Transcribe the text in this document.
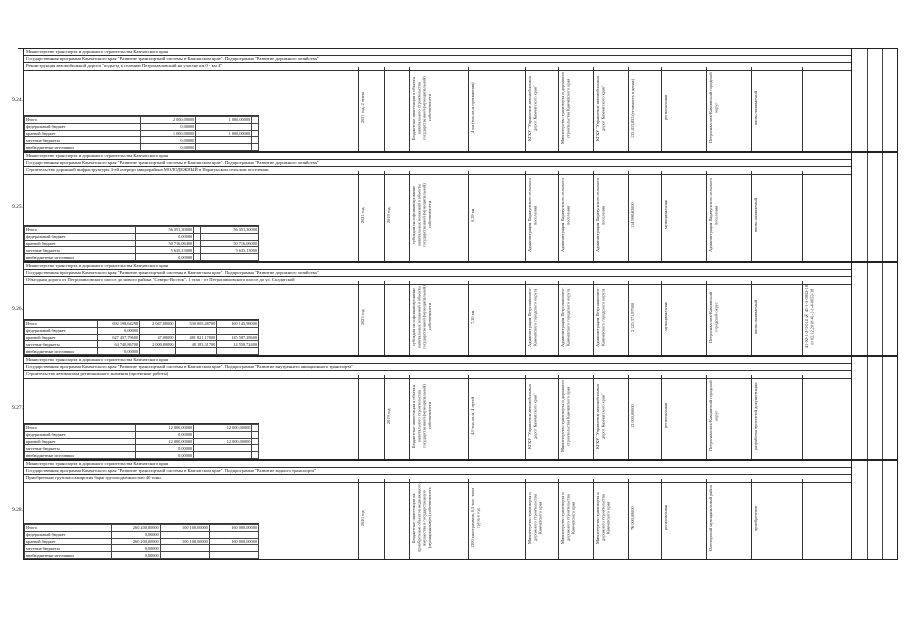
9.24.
Министерство транспорта и дорожного строительства Камчатского края
Государственная программа Камчатского края "Развитие транспортной системы в Камчатском крае". Подпрограмма "Развитие дорожного хозяйства"
Реконструкция автомобильной дороги "подъезд к селению Петропавловский на участке км 0 - км 4"
Итого	2 000,00000	1 000,00000	
федеральный бюджет	0,00000		
краевой бюджет	1 000,00000	1 000,00000	
местные бюджеты	0,00000		
внебюджетные источники	0,00000		
2021 год, 2 этапа	Бюджетные инвестиции в объекты капитального строительства государственной (муниципальной) собственности	4 км (тыс.кв.м протяжения)	КГКУ "Управление автомобильных дорог Камчатского края"	Министерство транспорта и дорожного строительства Камчатского края	КГКУ "Управление автомобильных дорог Камчатского края"	135 433,853 (стоимость в ценах)	региональная	Петропавловск-Камчатский городской округ	вновь начинаемый
9.25.
Министерство транспорта и дорожного строительства Камчатского края
Государственная программа Камчатского края "Развитие транспортной системы в Камчатском крае". Подпрограмма "Развитие дорожного хозяйства"
Строительство дорожной инфраструктуры 3-ей очереди микрорайона МОЛОДЕЖНЫЙ в Паратунском сельском поселении
Итого	56 351,30000		56 351,30000
федеральный бюджет	0,00000		
краевой бюджет	50 716,06400		50 716,06000
местные бюджеты	5 635,13000		5 635,13000
внебюджетные источники	0,00000		
2021 год	2019 год	субсидии на софинансирование капитальных вложений в объекты государственной (муниципальной) собственности	0,39 км	Администрация Паратунского сельского поселения	Администрация Паратунского сельского поселения	Администрация Паратунского сельского поселения	114 998,63000	муниципальная	Администрация Паратунского сельского поселения	вновь начинаемый
9.26.
Министерство транспорта и дорожного строительства Камчатского края
Государственная программа Камчатского края "Развитие транспортной системы в Камчатском крае". Подпрограмма "Развитие дорожного хозяйства"
Объездная дорога от Петропавловского шоссе до нового района "Северо-Восток", 1 этап - от Петропавловского шоссе до ул. Солдатской
Итого	692 198,64298	2 047,00000	530 005,48700	160 145,98000
федеральный бюджет	0,00000			
краевой бюджет	627 457,79600	47,00000	481 821,17000	145 587,28600
местные бюджеты	64 740,86700	2 000,00000	48 183,31700	14 558,72400
внебюджетные источники	0,00000			
2023 год	субсидии на софинансирование капитальных вложений в объекты государственной (муниципальной) собственности	7,30 км	Администрация Петропавловск-Камчатского городского округа	Администрация Петропавловск-Камчатского городского округа	Администрация Петропавловск-Камчатского городского округа	2 125 371,97900	муниципальная	Петропавловск-Камчатский городской округ	вновь начинаемый	41-02-1-2-3-014 № 41-1-5-0052-18 от 02.12.2018 41-1-1-4-0053-18
9.27.
Министерство транспорта и дорожного строительства Камчатского края
Государственная программа Камчатского края "Развитие транспортной системы в Камчатском крае". Подпрограмма "Развитие внутреннего авиационного транспорта"
Строительство автовокзала регионального значения (проектные работы)
Итого	12 000,00000	12 000,00000	
федеральный бюджет	0,00000		
краевой бюджет	12 000,00000	12 000,00000	
местные бюджеты	0,00000		
внебюджетные источники	0,00000		
2019 год	Бюджетные инвестиции в объекты капитального строительства государственной (муниципальной) собственности	4,0 тыс.кв.м, 4 путей	КГКУ "Управление автомобильных дорог Камчатского края"	Министерство транспорта и дорожного строительства Камчатского края	КГКУ "Управление автомобильных дорог Камчатского края"	12 000,00000	региональная	Петропавловск-Камчатский городской округ	разработка проектной документации
9.28.
Министерство транспорта и дорожного строительства Камчатского края
Государственная программа Камчатского края "Развитие транспортной системы в Камчатском крае". Подпрограмма "Развитие водного транспорта"
Приобретение грузопассажирских барж грузоподъёмностью 40 тонн
Итого	260 200,00000	100 100,00000	160 000,00000
федеральный бюджет	0,00000		
краевой бюджет	260 200,00000	100 100,00000	160 000,00000
местные бюджеты	0,00000		
внебюджетные источники	0,00000		
2020 год	Бюджетные инвестиции на приобретение объектов недвижимого имущества в государственную (муниципальную) собственность	1200 килограммов, 0,5 тыс. тонн груза в год	Министерство транспорта и дорожного строительства Камчатского края	Министерство транспорта и дорожного строительства Камчатского края	Министерство транспорта и дорожного строительства Камчатского края	76 000,00000	региональная	Олюторский муниципальный район	приобретение
